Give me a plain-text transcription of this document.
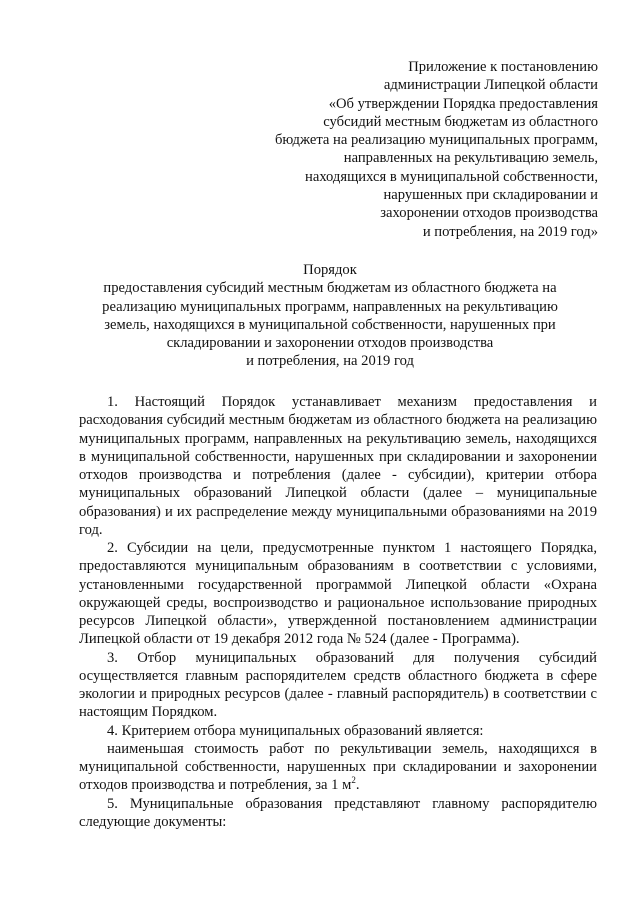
Приложение к постановлению
администрации Липецкой области
«Об утверждении Порядка предоставления
субсидий местным бюджетам из областного
бюджета на реализацию муниципальных программ,
направленных на рекультивацию земель,
находящихся в муниципальной собственности,
нарушенных при складировании и
захоронении отходов производства
и потребления, на 2019 год»
Порядок
предоставления субсидий местным бюджетам из областного бюджета на
реализацию муниципальных программ, направленных на рекультивацию
земель, находящихся в муниципальной собственности, нарушенных при
складировании и захоронении отходов производства
и потребления, на 2019 год

1. Настоящий Порядок устанавливает механизм предоставления и расходования субсидий местным бюджетам из областного бюджета на реализацию муниципальных программ, направленных на рекультивацию земель, находящихся в муниципальной собственности, нарушенных при складировании и захоронении отходов производства и потребления (далее - субсидии), критерии отбора муниципальных образований Липецкой области (далее – муниципальные образования) и их распределение между муниципальными образованиями на 2019 год.

2. Субсидии на цели, предусмотренные пунктом 1 настоящего Порядка, предоставляются муниципальным образованиям в соответствии с условиями, установленными государственной программой Липецкой области «Охрана окружающей среды, воспроизводство и рациональное использование природных ресурсов Липецкой области», утвержденной постановлением администрации Липецкой области от 19 декабря 2012 года № 524 (далее - Программа).

3. Отбор муниципальных образований для получения субсидий осуществляется главным распорядителем средств областного бюджета в сфере экологии и природных ресурсов (далее - главный распорядитель) в соответствии с настоящим Порядком.

4. Критерием отбора муниципальных образований является:

наименьшая стоимость работ по рекультивации земель, находящихся в муниципальной собственности, нарушенных при складировании и захоронении отходов производства и потребления, за 1 $м^2$.

5. Муниципальные образования представляют главному распорядителю следующие документы:
